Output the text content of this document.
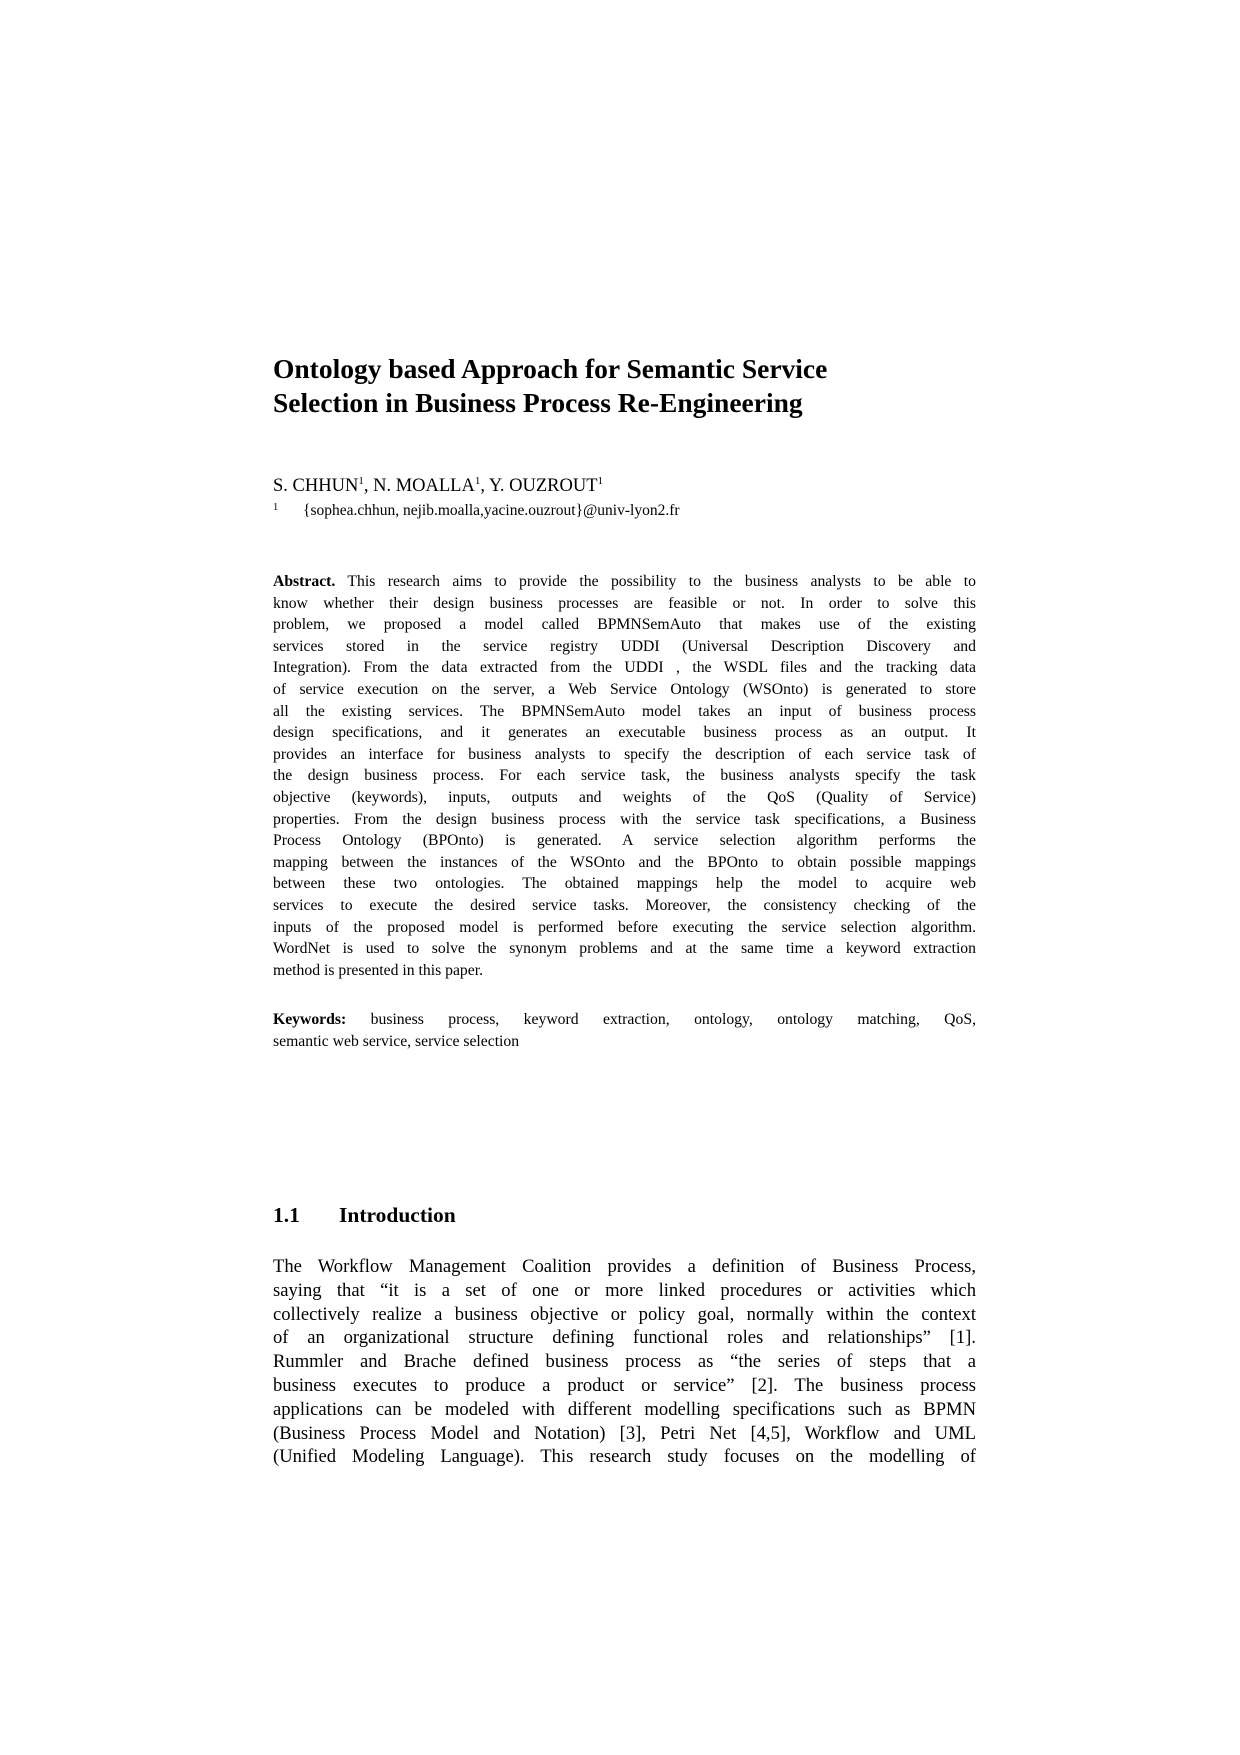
Ontology based Approach for Semantic Service
Selection in Business Process Re-Engineering
S. CHHUN$^1$, N. MOALLA$^1$, Y. OUZROUT$^1$
1 {sophea.chhun, nejib.moalla,yacine.ouzrout}@univ-lyon2.fr
Abstract. This research aims to provide the possibility to the business analysts to be able to
know whether their design business processes are feasible or not. In order to solve this
problem, we proposed a model called BPMNSemAuto that makes use of the existing
services stored in the service registry UDDI (Universal Description Discovery and
Integration). From the data extracted from the UDDI , the WSDL files and the tracking data
of service execution on the server, a Web Service Ontology (WSOnto) is generated to store
all the existing services. The BPMNSemAuto model takes an input of business process
design specifications, and it generates an executable business process as an output. It
provides an interface for business analysts to specify the description of each service task of
the design business process. For each service task, the business analysts specify the task
objective (keywords), inputs, outputs and weights of the QoS (Quality of Service)
properties. From the design business process with the service task specifications, a Business
Process Ontology (BPOnto) is generated. A service selection algorithm performs the
mapping between the instances of the WSOnto and the BPOnto to obtain possible mappings
between these two ontologies. The obtained mappings help the model to acquire web
services to execute the desired service tasks. Moreover, the consistency checking of the
inputs of the proposed model is performed before executing the service selection algorithm.
WordNet is used to solve the synonym problems and at the same time a keyword extraction
method is presented in this paper.
Keywords: business process, keyword extraction, ontology, ontology matching, QoS,
semantic web service, service selection
1.1 Introduction
The Workflow Management Coalition provides a definition of Business Process,
saying that “it is a set of one or more linked procedures or activities which
collectively realize a business objective or policy goal, normally within the context
of an organizational structure defining functional roles and relationships” [1].
Rummler and Brache defined business process as “the series of steps that a
business executes to produce a product or service” [2]. The business process
applications can be modeled with different modelling specifications such as BPMN
(Business Process Model and Notation) [3], Petri Net [4,5], Workflow and UML
(Unified Modeling Language). This research study focuses on the modelling of
